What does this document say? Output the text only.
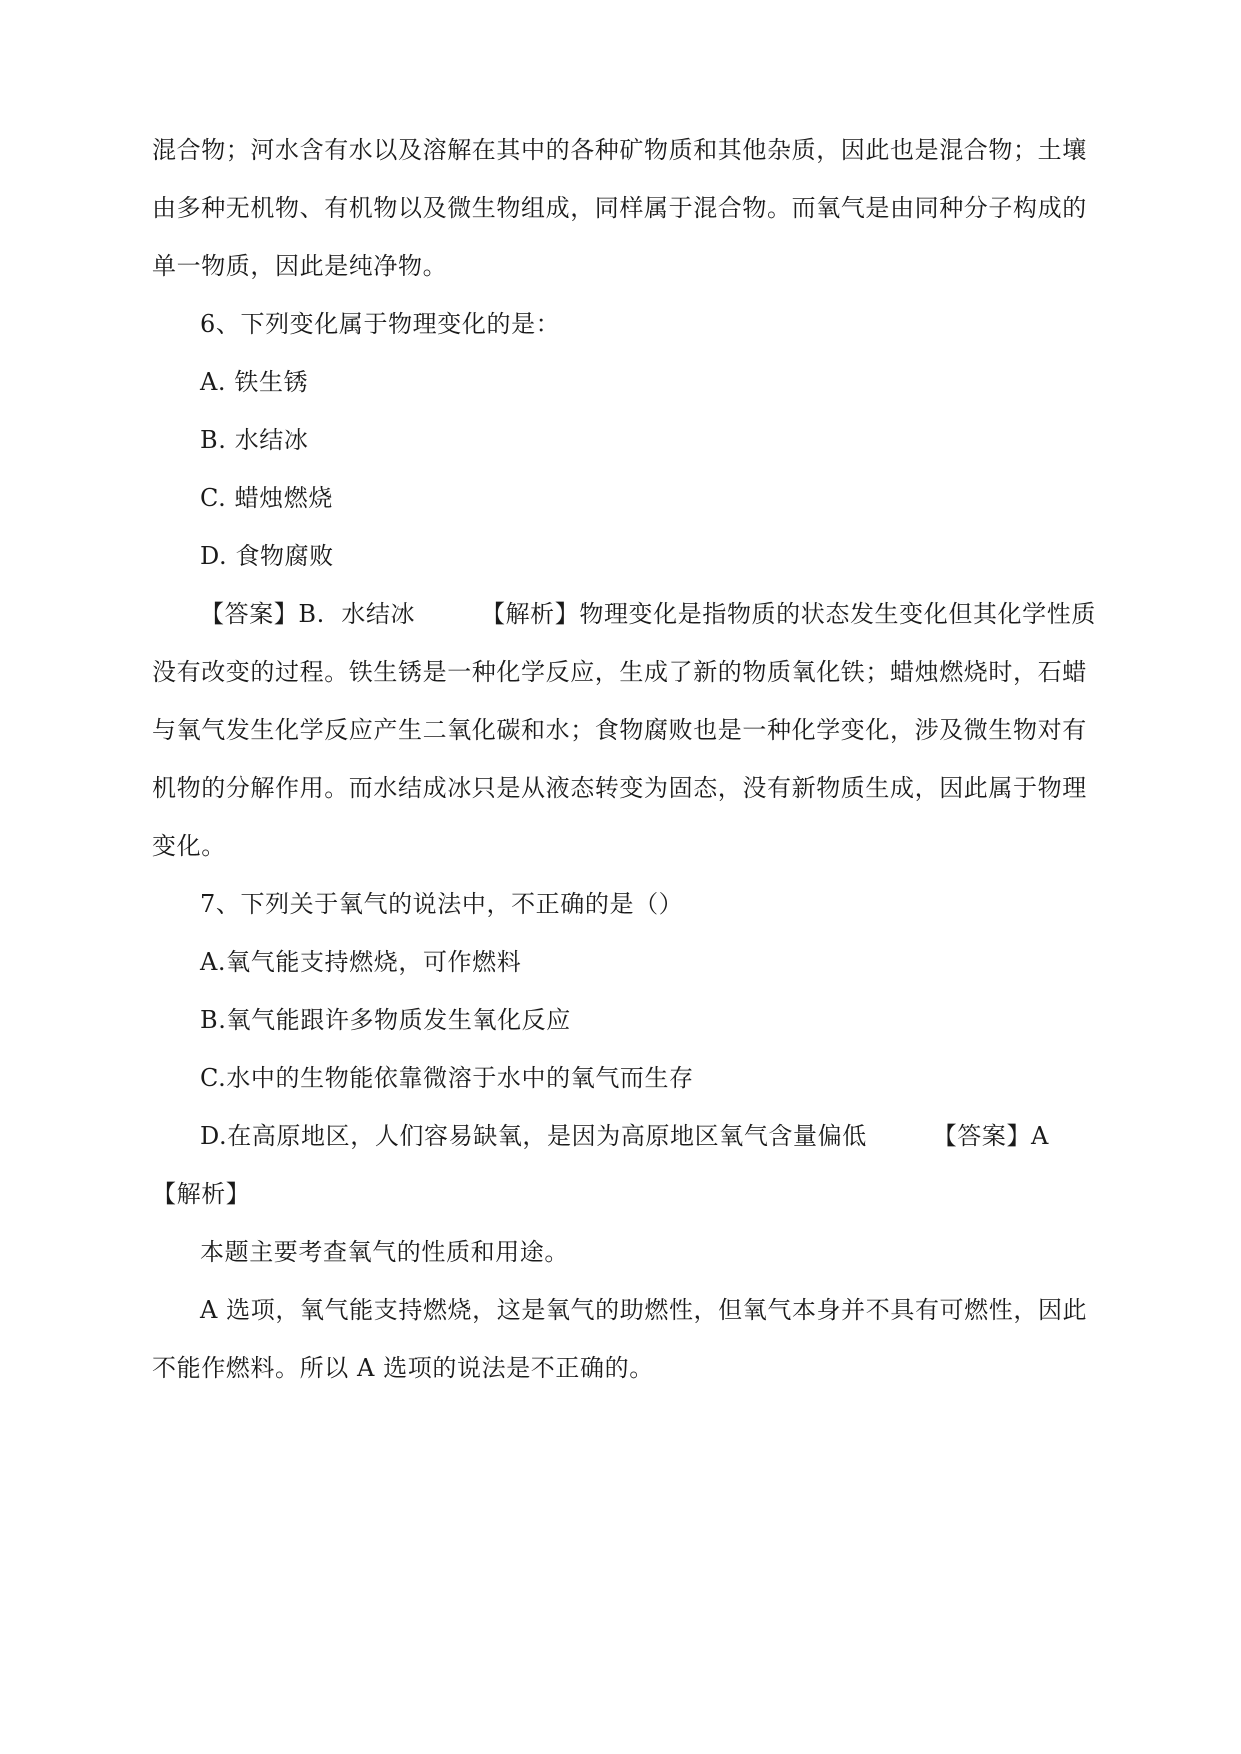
混合物；河水含有水以及溶解在其中的各种矿物质和其他杂质，因此也是混合物；土壤
由多种无机物、有机物以及微生物组成，同样属于混合物。而氧气是由同种分子构成的
单一物质，因此是纯净物。
6、下列变化属于物理变化的是：
A. 铁生锈
B. 水结冰
C. 蜡烛燃烧
D. 食物腐败
【答案】B.  水结冰        【解析】物理变化是指物质的状态发生变化但其化学性质
没有改变的过程。铁生锈是一种化学反应，生成了新的物质氧化铁；蜡烛燃烧时，石蜡
与氧气发生化学反应产生二氧化碳和水；食物腐败也是一种化学变化，涉及微生物对有
机物的分解作用。而水结成冰只是从液态转变为固态，没有新物质生成，因此属于物理
变化。
7、下列关于氧气的说法中，不正确的是（）
A.氧气能支持燃烧，可作燃料
B.氧气能跟许多物质发生氧化反应
C.水中的生物能依靠微溶于水中的氧气而生存
D.在高原地区，人们容易缺氧，是因为高原地区氧气含量偏低        【答案】A
【解析】
本题主要考查氧气的性质和用途。
A 选项，氧气能支持燃烧，这是氧气的助燃性，但氧气本身并不具有可燃性，因此
不能作燃料。所以 A 选项的说法是不正确的。
